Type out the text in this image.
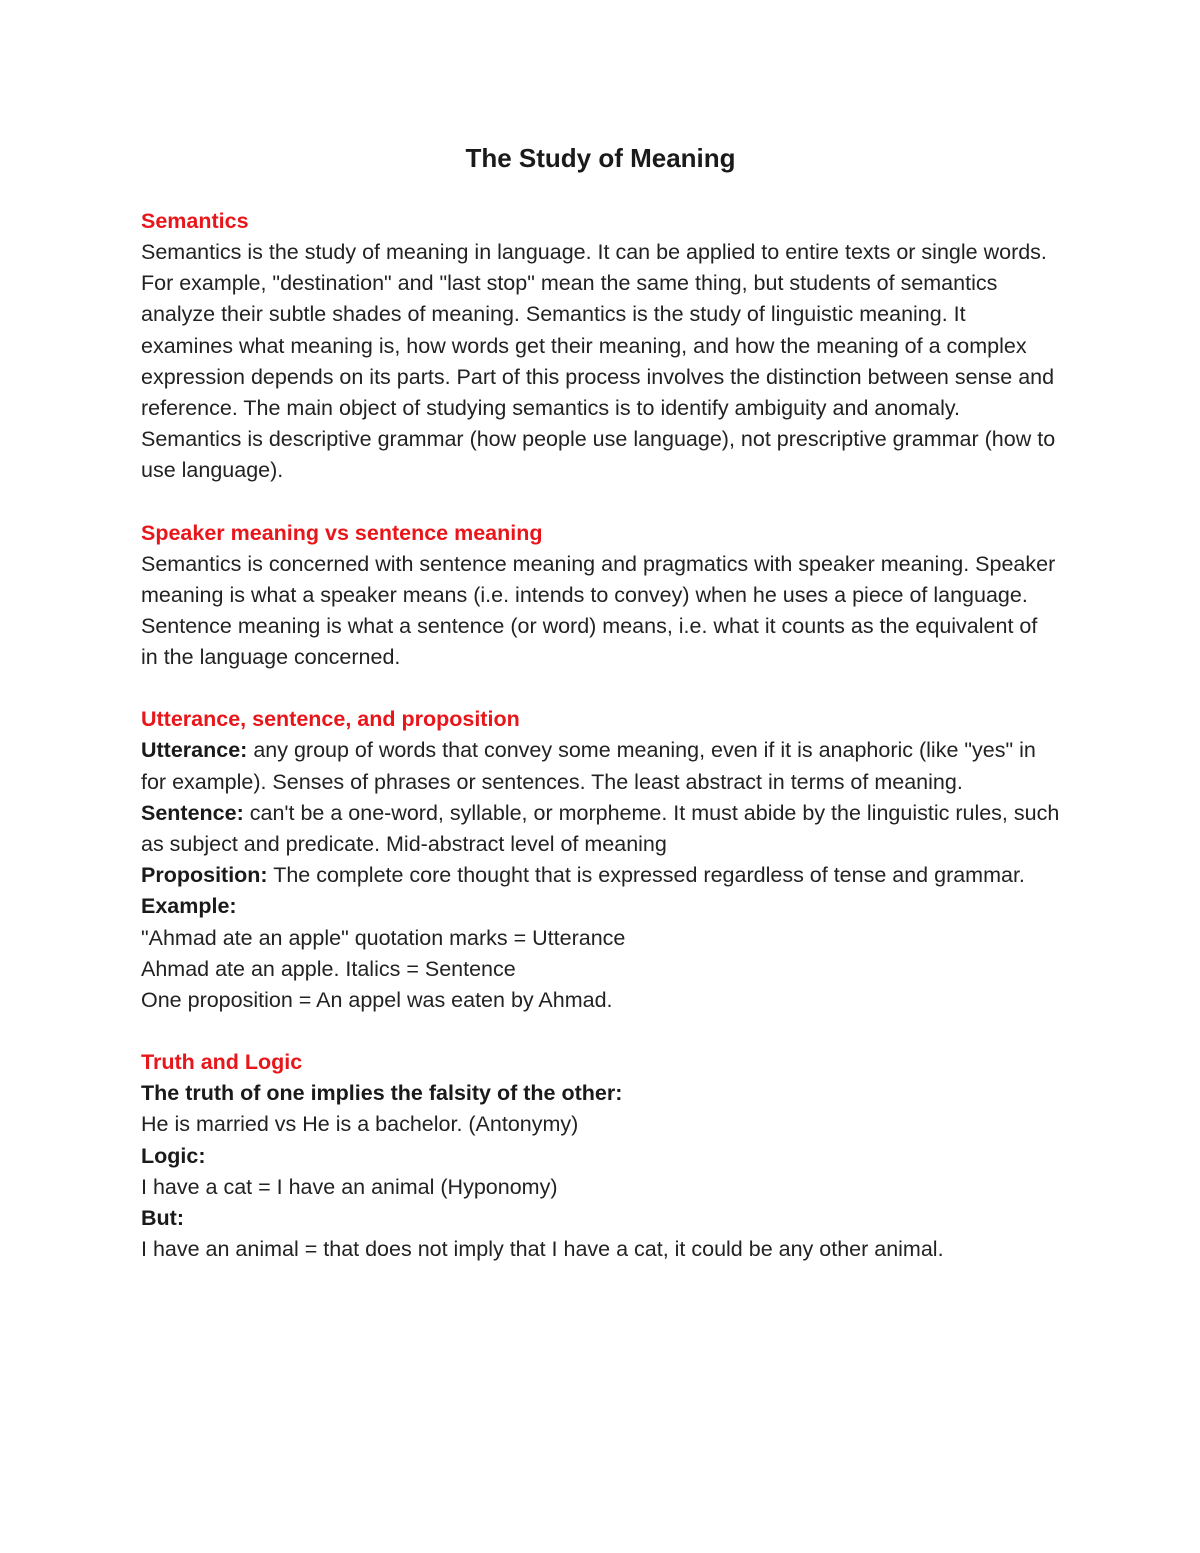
The Study of Meaning

Semantics

Semantics is the study of meaning in language. It can be applied to entire texts or single words. For example, "destination" and "last stop" mean the same thing, but students of semantics analyze their subtle shades of meaning. Semantics is the study of linguistic meaning. It examines what meaning is, how words get their meaning, and how the meaning of a complex expression depends on its parts. Part of this process involves the distinction between sense and reference. The main object of studying semantics is to identify ambiguity and anomaly.

Semantics is descriptive grammar (how people use language), not prescriptive grammar (how to use language).

Speaker meaning vs sentence meaning

Semantics is concerned with sentence meaning and pragmatics with speaker meaning. Speaker meaning is what a speaker means (i.e. intends to convey) when he uses a piece of language. Sentence meaning is what a sentence (or word) means, i.e. what it counts as the equivalent of in the language concerned.

Utterance, sentence, and proposition

Utterance: any group of words that convey some meaning, even if it is anaphoric (like "yes" in for example). Senses of phrases or sentences. The least abstract in terms of meaning.

Sentence: can't be a one-word, syllable, or morpheme. It must abide by the linguistic rules, such as subject and predicate. Mid-abstract level of meaning

Proposition: The complete core thought that is expressed regardless of tense and grammar.

Example:

"Ahmad ate an apple" quotation marks = Utterance

Ahmad ate an apple. Italics = Sentence

One proposition = An appel was eaten by Ahmad.

Truth and Logic

The truth of one implies the falsity of the other:

He is married vs He is a bachelor. (Antonymy)

Logic:

I have a cat = I have an animal (Hyponomy)

But:

I have an animal = that does not imply that I have a cat, it could be any other animal.
